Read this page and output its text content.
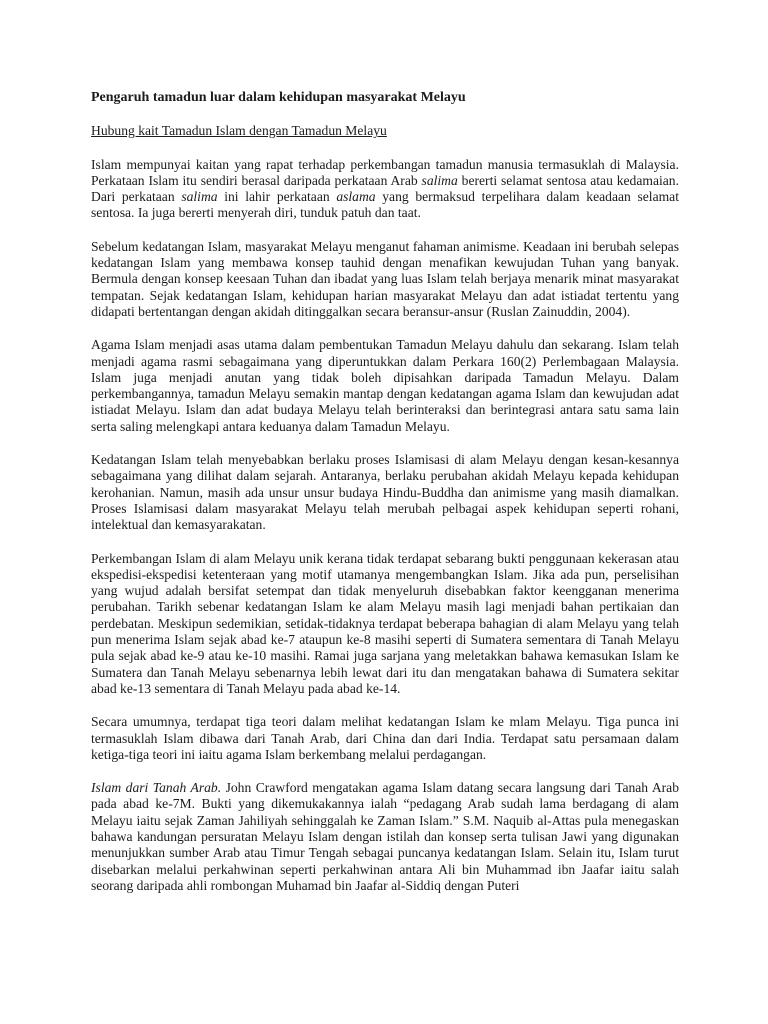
Pengaruh tamadun luar dalam kehidupan masyarakat Melayu
Hubung kait Tamadun Islam dengan Tamadun Melayu

Islam mempunyai kaitan yang rapat terhadap perkembangan tamadun manusia termasuklah di Malaysia. Perkataan Islam itu sendiri berasal daripada perkataan Arab salima bererti selamat sentosa atau kedamaian. Dari perkataan salima ini lahir perkataan aslama yang bermaksud terpelihara dalam keadaan selamat sentosa. Ia juga bererti menyerah diri, tunduk patuh dan taat.

Sebelum kedatangan Islam, masyarakat Melayu menganut fahaman animisme. Keadaan ini berubah selepas kedatangan Islam yang membawa konsep tauhid dengan menafikan kewujudan Tuhan yang banyak. Bermula dengan konsep keesaan Tuhan dan ibadat yang luas Islam telah berjaya menarik minat masyarakat tempatan. Sejak kedatangan Islam, kehidupan harian masyarakat Melayu dan adat istiadat tertentu yang didapati bertentangan dengan akidah ditinggalkan secara beransur-ansur (Ruslan Zainuddin, 2004).

Agama Islam menjadi asas utama dalam pembentukan Tamadun Melayu dahulu dan sekarang. Islam telah menjadi agama rasmi sebagaimana yang diperuntukkan dalam Perkara 160(2) Perlembagaan Malaysia. Islam juga menjadi anutan yang tidak boleh dipisahkan daripada Tamadun Melayu. Dalam perkembangannya, tamadun Melayu semakin mantap dengan kedatangan agama Islam dan kewujudan adat istiadat Melayu. Islam dan adat budaya Melayu telah berinteraksi dan berintegrasi antara satu sama lain serta saling melengkapi antara keduanya dalam Tamadun Melayu.

Kedatangan Islam telah menyebabkan berlaku proses Islamisasi di alam Melayu dengan kesan-kesannya sebagaimana yang dilihat dalam sejarah. Antaranya, berlaku perubahan akidah Melayu kepada kehidupan kerohanian. Namun, masih ada unsur unsur budaya Hindu-Buddha dan animisme yang masih diamalkan. Proses Islamisasi dalam masyarakat Melayu telah merubah pelbagai aspek kehidupan seperti rohani, intelektual dan kemasyarakatan.

Perkembangan Islam di alam Melayu unik kerana tidak terdapat sebarang bukti penggunaan kekerasan atau ekspedisi-ekspedisi ketenteraan yang motif utamanya mengembangkan Islam. Jika ada pun, perselisihan yang wujud adalah bersifat setempat dan tidak menyeluruh disebabkan faktor keengganan menerima perubahan. Tarikh sebenar kedatangan Islam ke alam Melayu masih lagi menjadi bahan pertikaian dan perdebatan. Meskipun sedemikian, setidak-tidaknya terdapat beberapa bahagian di alam Melayu yang telah pun menerima Islam sejak abad ke-7 ataupun ke-8 masihi seperti di Sumatera sementara di Tanah Melayu pula sejak abad ke-9 atau ke-10 masihi. Ramai juga sarjana yang meletakkan bahawa kemasukan Islam ke Sumatera dan Tanah Melayu sebenarnya lebih lewat dari itu dan mengatakan bahawa di Sumatera sekitar abad ke-13 sementara di Tanah Melayu pada abad ke-14.

Secara umumnya, terdapat tiga teori dalam melihat kedatangan Islam ke mlam Melayu. Tiga punca ini termasuklah Islam dibawa dari Tanah Arab, dari China dan dari India. Terdapat satu persamaan dalam ketiga-tiga teori ini iaitu agama Islam berkembang melalui perdagangan.

Islam dari Tanah Arab. John Crawford mengatakan agama Islam datang secara langsung dari Tanah Arab pada abad ke-7M. Bukti yang dikemukakannya ialah “pedagang Arab sudah lama berdagang di alam Melayu iaitu sejak Zaman Jahiliyah sehinggalah ke Zaman Islam.” S.M. Naquib al-Attas pula menegaskan bahawa kandungan persuratan Melayu Islam dengan istilah dan konsep serta tulisan Jawi yang digunakan menunjukkan sumber Arab atau Timur Tengah sebagai puncanya kedatangan Islam. Selain itu, Islam turut disebarkan melalui perkahwinan seperti perkahwinan antara Ali bin Muhammad ibn Jaafar iaitu salah seorang daripada ahli rombongan Muhamad bin Jaafar al-Siddiq dengan Puteri
